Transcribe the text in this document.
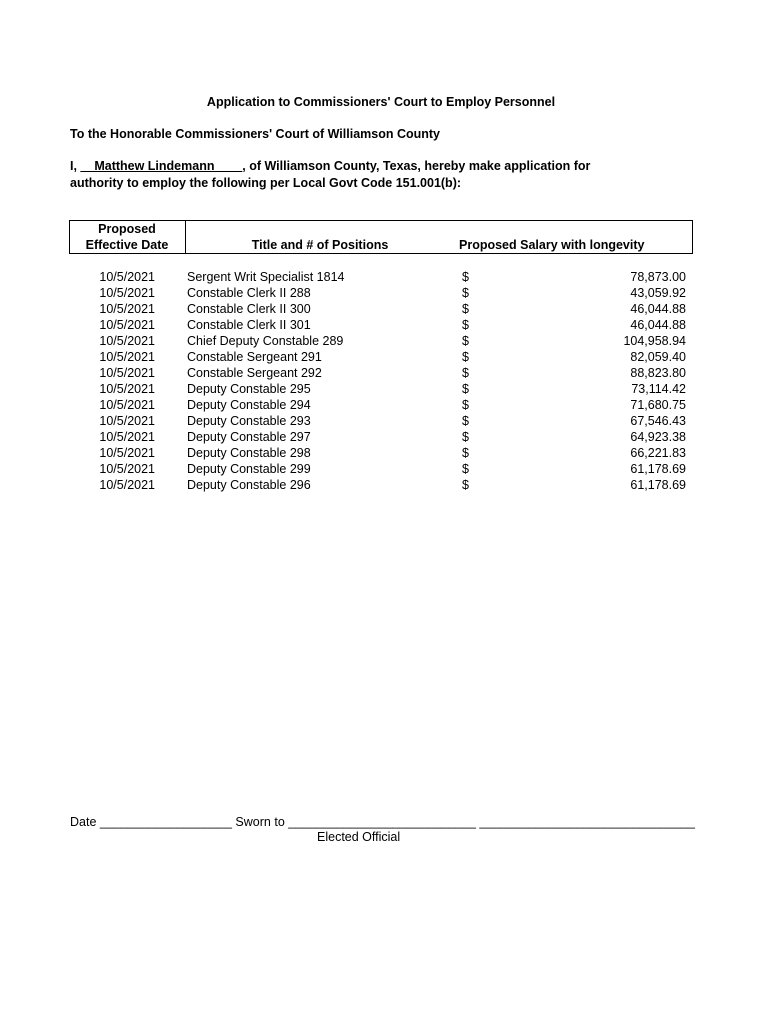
Application to Commissioners' Court to Employ Personnel
To the Honorable Commissioners' Court of Williamson County
I, __Matthew Lindemann____, of Williamson County, Texas, hereby make application for
authority to employ the following per Local Govt Code 151.001(b):
Proposed
Effective Date	Title and # of Positions	Proposed Salary with longevity
10/5/2021	Sergent Writ Specialist 1814	$	78,873.00
10/5/2021	Constable Clerk II 288	$	43,059.92
10/5/2021	Constable Clerk II 300	$	46,044.88
10/5/2021	Constable Clerk II 301	$	46,044.88
10/5/2021	Chief Deputy Constable 289	$	104,958.94
10/5/2021	Constable Sergeant 291	$	82,059.40
10/5/2021	Constable Sergeant 292	$	88,823.80
10/5/2021	Deputy Constable 295	$	73,114.42
10/5/2021	Deputy Constable 294	$	71,680.75
10/5/2021	Deputy Constable 293	$	67,546.43
10/5/2021	Deputy Constable 297	$	64,923.38
10/5/2021	Deputy Constable 298	$	66,221.83
10/5/2021	Deputy Constable 299	$	61,178.69
10/5/2021	Deputy Constable 296	$	61,178.69
Date ___________________ Sworn to ___________________________ _______________________________
Elected Official
